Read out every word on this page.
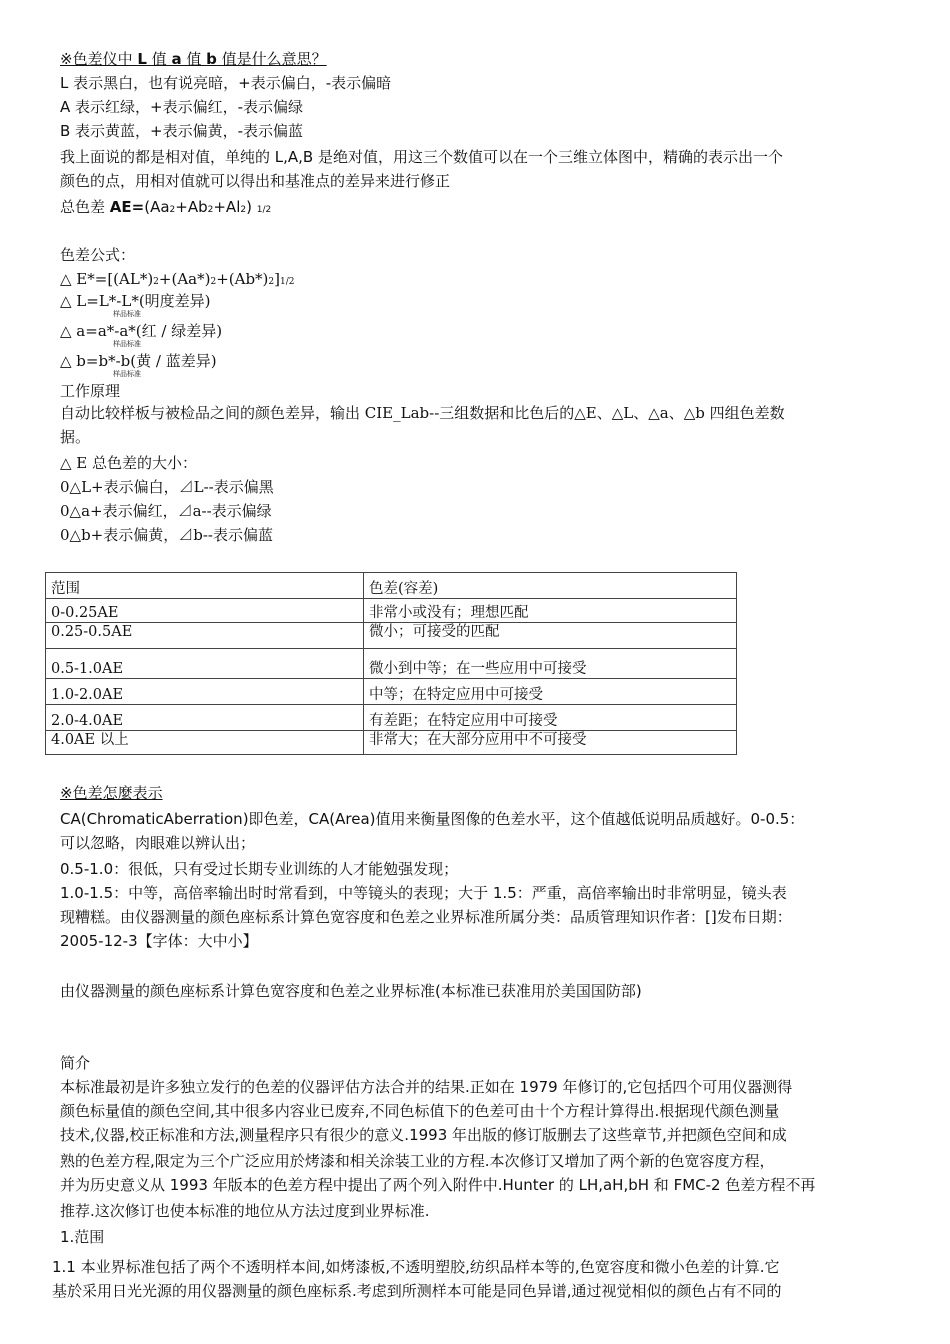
※色差仪中 L 值 a 值 b 值是什么意思？
L 表示黑白，也有说亮暗，+表示偏白，-表示偏暗
A 表示红绿，+表示偏红，-表示偏绿
B 表示黄蓝，+表示偏黄，-表示偏蓝
我上面说的都是相对值，单纯的 L,A,B 是绝对值，用这三个数值可以在一个三维立体图中，精确的表示出一个
颜色的点，用相对值就可以得出和基准点的差异来进行修正
总色差 AE=(Aa2+Ab2+Al2) 1/2
色差公式：
△ E*=[(AL*)2+(Aa*)2+(Ab*)2]1/2
△ L=L*-L*(明度差异)
样品标准
△ a=a*-a*(红 / 绿差异)
样品标准
△ b=b*-b(黄 / 蓝差异)
样品标准
工作原理
自动比较样板与被检品之间的颜色差异，输出 CIE_Lab--三组数据和比色后的△E、△L、△a、△b 四组色差数
据。
△ E 总色差的大小：
0△L+表示偏白，⊿L--表示偏黑
0△a+表示偏红，⊿a--表示偏绿
0△b+表示偏黄，⊿b--表示偏蓝
范围	色差(容差)
0-0.25AE	非常小或没有；理想匹配
0.25-0.5AE	微小；可接受的匹配
0.5-1.0AE	微小到中等；在一些应用中可接受
1.0-2.0AE	中等；在特定应用中可接受
2.0-4.0AE	有差距；在特定应用中可接受
4.0AE 以上	非常大；在大部分应用中不可接受
※色差怎麼表示
CA(ChromaticAberration)即色差，CA(Area)值用来衡量图像的色差水平，这个值越低说明品质越好。0-0.5：
可以忽略，肉眼难以辨认出；
0.5-1.0：很低，只有受过长期专业训练的人才能勉强发现；
1.0-1.5：中等，高倍率输出时时常看到，中等镜头的表现；大于 1.5：严重，高倍率输出时非常明显，镜头表
现糟糕。由仪器测量的颜色座标系计算色宽容度和色差之业界标准所属分类：品质管理知识作者：[]发布日期：
2005-12-3【字体：大中小】
由仪器测量的颜色座标系计算色宽容度和色差之业界标准(本标准已获准用於美国国防部)
简介
本标准最初是许多独立发行的色差的仪器评估方法合并的结果.正如在 1979 年修订的,它包括四个可用仪器测得
颜色标量值的颜色空间,其中很多内容业已废弃,不同色标值下的色差可由十个方程计算得出.根据现代颜色测量
技术,仪器,校正标准和方法,测量程序只有很少的意义.1993 年出版的修订版删去了这些章节,并把颜色空间和成
熟的色差方程,限定为三个广泛应用於烤漆和相关涂装工业的方程.本次修订又增加了两个新的色宽容度方程，
并为历史意义从 1993 年版本的色差方程中提出了两个列入附件中.Hunter 的 LH,aH,bH 和 FMC-2 色差方程不再
推荐.这次修订也使本标准的地位从方法过度到业界标准.
1.范围
1.1 本业界标准包括了两个不透明样本间,如烤漆板,不透明塑胶,纺织品样本等的,色宽容度和微小色差的计算.它
基於采用日光光源的用仪器测量的颜色座标系.考虑到所测样本可能是同色异谱,通过视觉相似的颜色占有不同的
